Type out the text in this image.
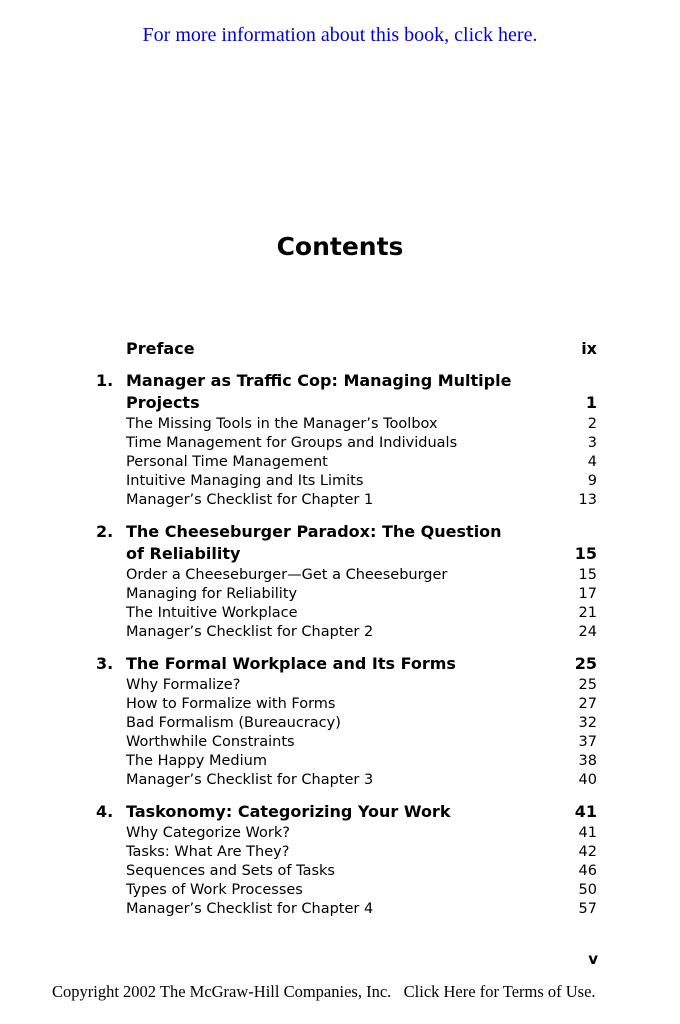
For more information about this book, click here.
Contents
Preface	ix
1. Manager as Traffic Cop: Managing Multiple
Projects	1
The Missing Tools in the Manager’s Toolbox	2
Time Management for Groups and Individuals	3
Personal Time Management	4
Intuitive Managing and Its Limits	9
Manager’s Checklist for Chapter 1	13
2. The Cheeseburger Paradox: The Question
of Reliability	15
Order a Cheeseburger—Get a Cheeseburger	15
Managing for Reliability	17
The Intuitive Workplace	21
Manager’s Checklist for Chapter 2	24
3. The Formal Workplace and Its Forms	25
Why Formalize?	25
How to Formalize with Forms	27
Bad Formalism (Bureaucracy)	32
Worthwhile Constraints	37
The Happy Medium	38
Manager’s Checklist for Chapter 3	40
4. Taskonomy: Categorizing Your Work	41
Why Categorize Work?	41
Tasks: What Are They?	42
Sequences and Sets of Tasks	46
Types of Work Processes	50
Manager’s Checklist for Chapter 4	57
v
Copyright 2002 The McGraw-Hill Companies, Inc. Click Here for Terms of Use.
